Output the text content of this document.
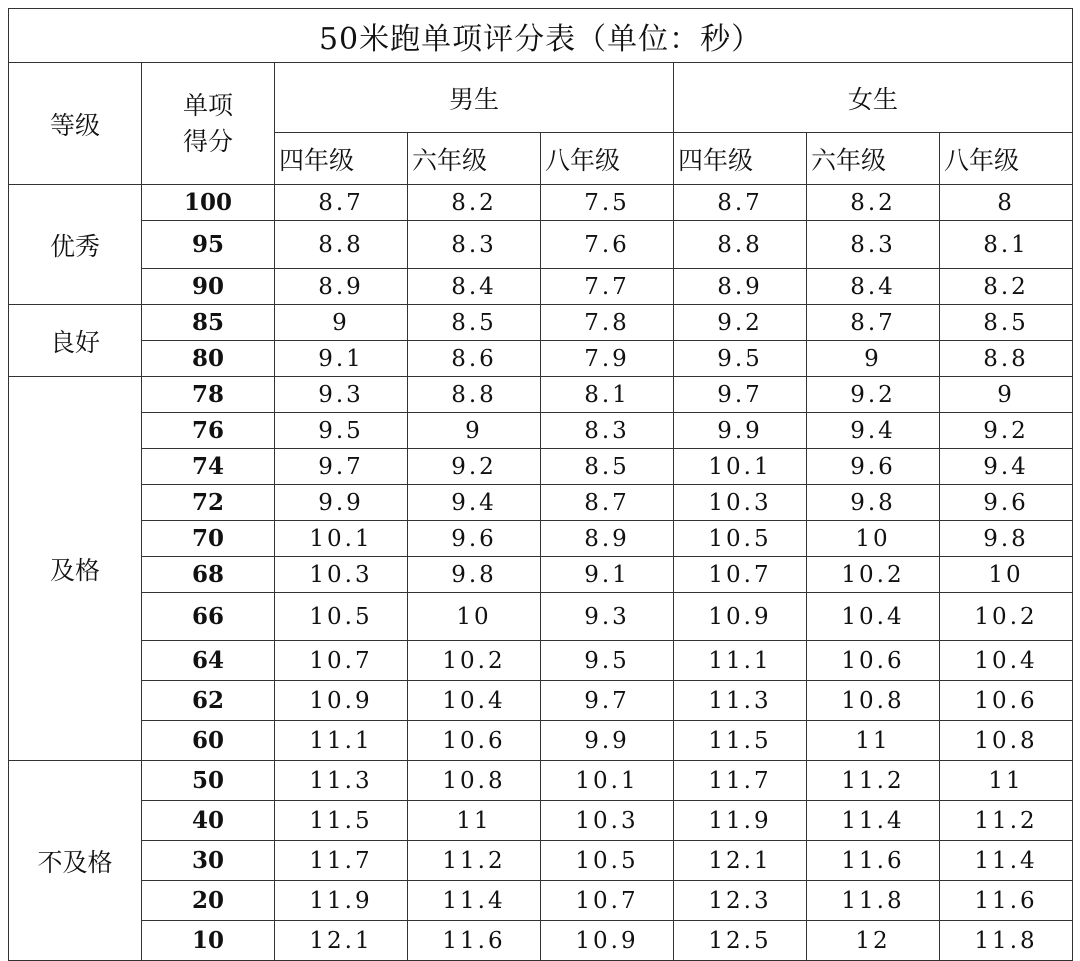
50米跑单项评分表（单位：秒）							
等级	单项得分	男生			女生		
		四年级	六年级	八年级	四年级	六年级	八年级
优秀	100	8.7	8.2	7.5	8.7	8.2	8
	95	8.8	8.3	7.6	8.8	8.3	8.1
	90	8.9	8.4	7.7	8.9	8.4	8.2
良好	85	9	8.5	7.8	9.2	8.7	8.5
	80	9.1	8.6	7.9	9.5	9	8.8
及格	78	9.3	8.8	8.1	9.7	9.2	9
	76	9.5	9	8.3	9.9	9.4	9.2
	74	9.7	9.2	8.5	10.1	9.6	9.4
	72	9.9	9.4	8.7	10.3	9.8	9.6
	70	10.1	9.6	8.9	10.5	10	9.8
	68	10.3	9.8	9.1	10.7	10.2	10
	66	10.5	10	9.3	10.9	10.4	10.2
	64	10.7	10.2	9.5	11.1	10.6	10.4
	62	10.9	10.4	9.7	11.3	10.8	10.6
	60	11.1	10.6	9.9	11.5	11	10.8
不及格	50	11.3	10.8	10.1	11.7	11.2	11
	40	11.5	11	10.3	11.9	11.4	11.2
	30	11.7	11.2	10.5	12.1	11.6	11.4
	20	11.9	11.4	10.7	12.3	11.8	11.6
	10	12.1	11.6	10.9	12.5	12	11.8
